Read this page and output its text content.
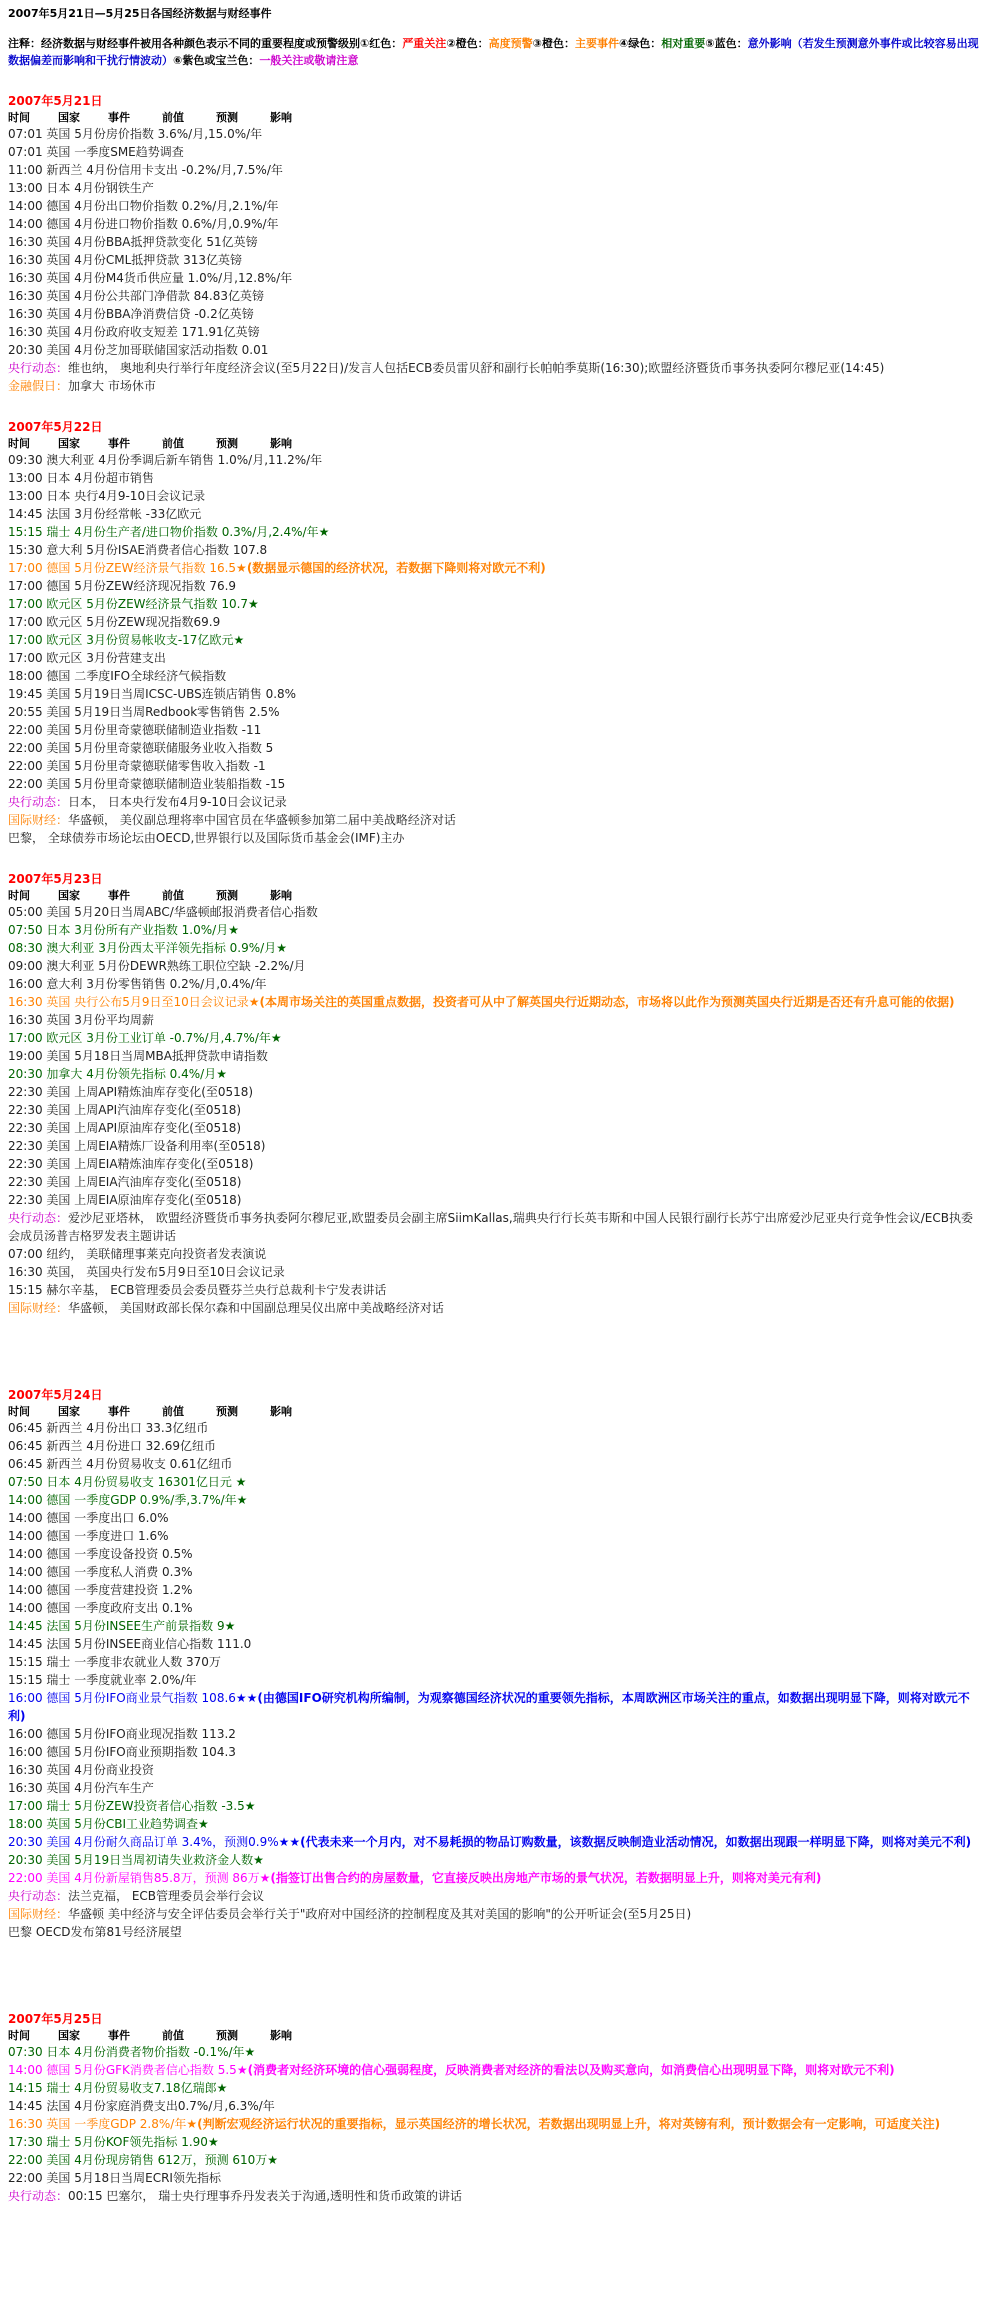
2007年5月21日—5月25日各国经济数据与财经事件
注释：经济数据与财经事件被用各种颜色表示不同的重要程度或预警级别①红色：严重关注②橙色：高度预警③橙色：主要事件④绿色：相对重要⑤蓝色：意外影响（若发生预测意外事件或比较容易出现数据偏差而影响和干扰行情波动）⑥紫色或宝兰色：一般关注或敬请注意
2007年5月21日
时间	国家	事件	前值	预测	影响
07:01 英国 5月份房价指数 3.6%/月,15.0%/年
07:01 英国 一季度SME趋势调查
11:00 新西兰 4月份信用卡支出 -0.2%/月,7.5%/年
13:00 日本 4月份钢铁生产
14:00 德国 4月份出口物价指数 0.2%/月,2.1%/年
14:00 德国 4月份进口物价指数 0.6%/月,0.9%/年
16:30 英国 4月份BBA抵押贷款变化 51亿英镑
16:30 英国 4月份CML抵押贷款 313亿英镑
16:30 英国 4月份M4货币供应量 1.0%/月,12.8%/年
16:30 英国 4月份公共部门净借款 84.83亿英镑
16:30 英国 4月份BBA净消费信贷 -0.2亿英镑
16:30 英国 4月份政府收支短差 171.91亿英镑
20:30 美国 4月份芝加哥联储国家活动指数 0.01
央行动态：维也纳， 奥地利央行举行年度经济会议(至5月22日)/发言人包括ECB委员雷贝舒和副行长帕帕季莫斯(16:30);欧盟经济暨货币事务执委阿尔穆尼亚(14:45)
金融假日：加拿大 市场休市
2007年5月22日
时间	国家	事件	前值	预测	影响
09:30 澳大利亚 4月份季调后新车销售 1.0%/月,11.2%/年
13:00 日本 4月份超市销售
13:00 日本 央行4月9-10日会议记录
14:45 法国 3月份经常帐 -33亿欧元
15:15 瑞士 4月份生产者/进口物价指数 0.3%/月,2.4%/年★
15:30 意大利 5月份ISAE消费者信心指数 107.8
17:00 德国 5月份ZEW经济景气指数 16.5★(数据显示德国的经济状况，若数据下降则将对欧元不利)
17:00 德国 5月份ZEW经济现况指数 76.9
17:00 欧元区 5月份ZEW经济景气指数 10.7★
17:00 欧元区 5月份ZEW现况指数69.9
17:00 欧元区 3月份贸易帐收支-17亿欧元★
17:00 欧元区 3月份营建支出
18:00 德国 二季度IFO全球经济气候指数
19:45 美国 5月19日当周ICSC-UBS连锁店销售 0.8%
20:55 美国 5月19日当周Redbook零售销售 2.5%
22:00 美国 5月份里奇蒙德联储制造业指数 -11
22:00 美国 5月份里奇蒙德联储服务业收入指数 5
22:00 美国 5月份里奇蒙德联储零售收入指数 -1
22:00 美国 5月份里奇蒙德联储制造业装船指数 -15
央行动态：日本， 日本央行发布4月9-10日会议记录
国际财经：华盛顿， 美仪副总理将率中国官员在华盛顿参加第二届中美战略经济对话
巴黎， 全球债券市场论坛由OECD,世界银行以及国际货币基金会(IMF)主办
2007年5月23日
时间	国家	事件	前值	预测	影响
05:00 美国 5月20日当周ABC/华盛顿邮报消费者信心指数
07:50 日本 3月份所有产业指数 1.0%/月★
08:30 澳大利亚 3月份西太平洋领先指标 0.9%/月★
09:00 澳大利亚 5月份DEWR熟练工职位空缺 -2.2%/月
16:00 意大利 3月份零售销售 0.2%/月,0.4%/年
16:30 英国 央行公布5月9日至10日会议记录★(本周市场关注的英国重点数据，投资者可从中了解英国央行近期动态，市场将以此作为预测英国央行近期是否还有升息可能的依据)
16:30 英国 3月份平均周薪
17:00 欧元区 3月份工业订单 -0.7%/月,4.7%/年★
19:00 美国 5月18日当周MBA抵押贷款申请指数
20:30 加拿大 4月份领先指标 0.4%/月★
22:30 美国 上周API精炼油库存变化(至0518)
22:30 美国 上周API汽油库存变化(至0518)
22:30 美国 上周API原油库存变化(至0518)
22:30 美国 上周EIA精炼厂设备利用率(至0518)
22:30 美国 上周EIA精炼油库存变化(至0518)
22:30 美国 上周EIA汽油库存变化(至0518)
22:30 美国 上周EIA原油库存变化(至0518)
央行动态：爱沙尼亚塔林， 欧盟经济暨货币事务执委阿尔穆尼亚,欧盟委员会副主席SiimKallas,瑞典央行行长英韦斯和中国人民银行副行长苏宁出席爱沙尼亚央行竞争性会议/ECB执委会成员汤普吉格罗发表主题讲话
07:00 纽约， 美联储理事莱克向投资者发表演说
16:30 英国， 英国央行发布5月9日至10日会议记录
15:15 赫尔辛基， ECB管理委员会委员暨芬兰央行总裁利卡宁发表讲话
国际财经：华盛顿， 美国财政部长保尔森和中国副总理吴仪出席中美战略经济对话
2007年5月24日
时间	国家	事件	前值	预测	影响
06:45 新西兰 4月份出口 33.3亿纽币
06:45 新西兰 4月份进口 32.69亿纽币
06:45 新西兰 4月份贸易收支 0.61亿纽币
07:50 日本 4月份贸易收支 16301亿日元 ★
14:00 德国 一季度GDP 0.9%/季,3.7%/年★
14:00 德国 一季度出口 6.0%
14:00 德国 一季度进口 1.6%
14:00 德国 一季度设备投资 0.5%
14:00 德国 一季度私人消费 0.3%
14:00 德国 一季度营建投资 1.2%
14:00 德国 一季度政府支出 0.1%
14:45 法国 5月份INSEE生产前景指数 9★
14:45 法国 5月份INSEE商业信心指数 111.0
15:15 瑞士 一季度非农就业人数 370万
15:15 瑞士 一季度就业率 2.0%/年
16:00 德国 5月份IFO商业景气指数 108.6★★(由德国IFO研究机构所编制，为观察德国经济状况的重要领先指标，本周欧洲区市场关注的重点，如数据出现明显下降，则将对欧元不利)
16:00 德国 5月份IFO商业现况指数 113.2
16:00 德国 5月份IFO商业预期指数 104.3
16:30 英国 4月份商业投资
16:30 英国 4月份汽车生产
17:00 瑞士 5月份ZEW投资者信心指数 -3.5★
18:00 英国 5月份CBI工业趋势调查★
20:30 美国 4月份耐久商品订单 3.4%，预测0.9%★★(代表未来一个月内，对不易耗损的物品订购数量，该数据反映制造业活动情况，如数据出现跟一样明显下降，则将对美元不利)
20:30 美国 5月19日当周初请失业救济金人数★
22:00 美国 4月份新屋销售85.8万，预测 86万★(指签订出售合约的房屋数量，它直接反映出房地产市场的景气状况，若数据明显上升，则将对美元有利)
央行动态：法兰克福， ECB管理委员会举行会议
国际财经：华盛顿 美中经济与安全评估委员会举行关于"政府对中国经济的控制程度及其对美国的影响"的公开听证会(至5月25日)
巴黎 OECD发布第81号经济展望
2007年5月25日
时间	国家	事件	前值	预测	影响
07:30 日本 4月份消费者物价指数 -0.1%/年★
14:00 德国 5月份GFK消费者信心指数 5.5★(消费者对经济环境的信心强弱程度，反映消费者对经济的看法以及购买意向，如消费信心出现明显下降，则将对欧元不利)
14:15 瑞士 4月份贸易收支7.18亿瑞郎★
14:45 法国 4月份家庭消费支出0.7%/月,6.3%/年
16:30 英国 一季度GDP 2.8%/年★(判断宏观经济运行状况的重要指标，显示英国经济的增长状况，若数据出现明显上升，将对英镑有利，预计数据会有一定影响，可适度关注)
17:30 瑞士 5月份KOF领先指标 1.90★
22:00 美国 4月份现房销售 612万，预测 610万★
22:00 美国 5月18日当周ECRI领先指标
央行动态：00:15 巴塞尔， 瑞士央行理事乔丹发表关于沟通,透明性和货币政策的讲话
